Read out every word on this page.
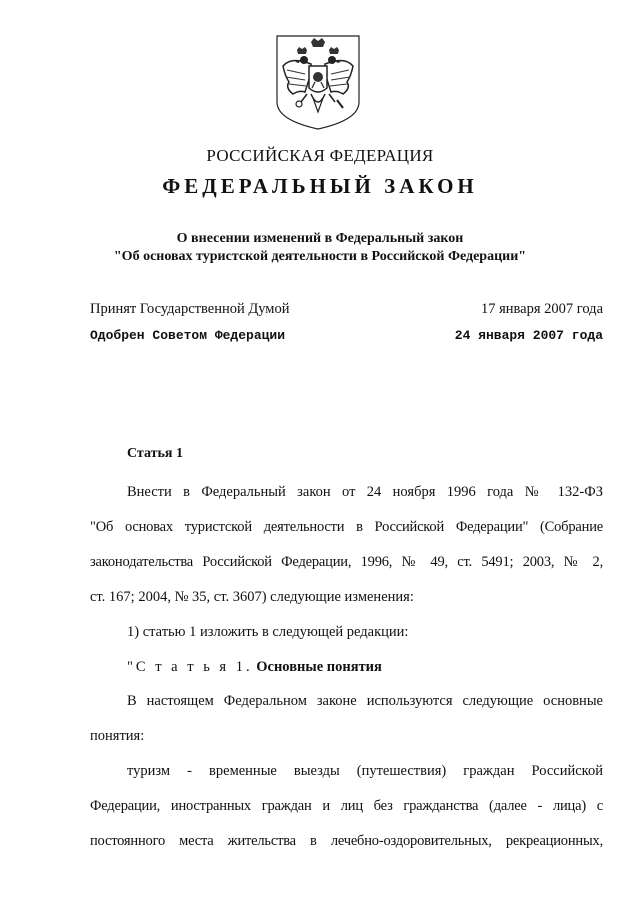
РОССИЙСКАЯ ФЕДЕРАЦИЯ
ФЕДЕРАЛЬНЫЙ ЗАКОН
О внесении изменений в Федеральный закон
"Об основах туристской деятельности в Российской Федерации"
Принят Государственной Думой	17 января 2007 года
Одобрен Советом Федерации	24 января 2007 года
Статья 1
Внести в Федеральный закон от 24 ноября 1996 года № 132-ФЗ
"Об основах туристской деятельности в Российской Федерации" (Собрание
законодательства Российской Федерации, 1996, № 49, ст. 5491; 2003, № 2,
ст. 167; 2004, № 35, ст. 3607) следующие изменения:
1) статью 1 изложить в следующей редакции:
"С т а т ь я 1. Основные понятия
В настоящем Федеральном законе используются следующие основные
понятия:
туризм - временные выезды (путешествия) граждан Российской
Федерации, иностранных граждан и лиц без гражданства (далее - лица) с
постоянного места жительства в лечебно-оздоровительных, рекреационных,
